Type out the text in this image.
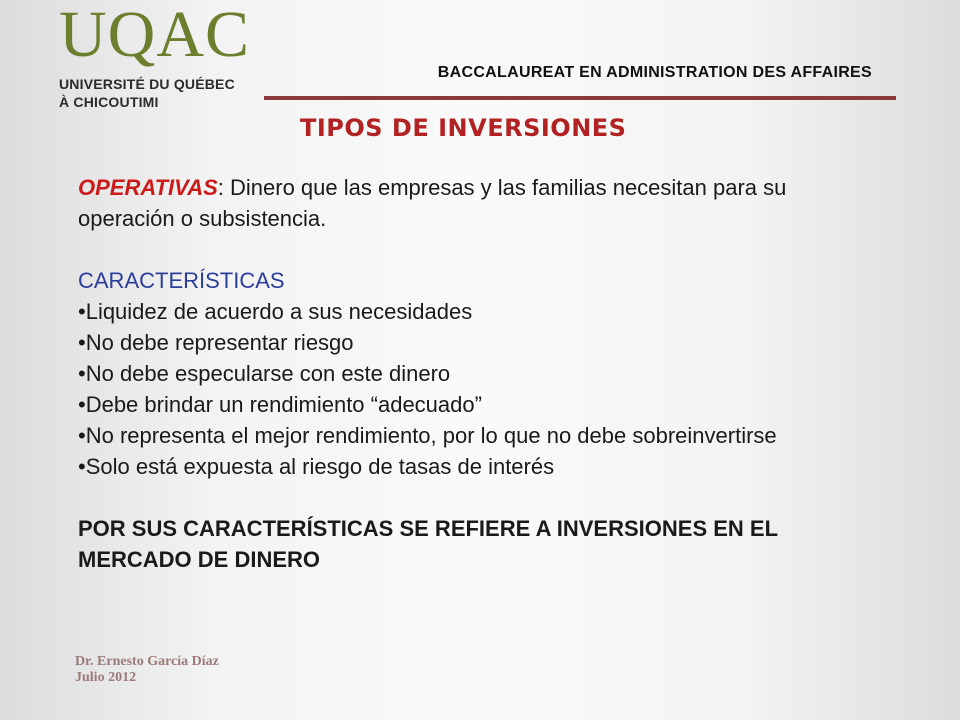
UQAC
UNIVERSITÉ DU QUÉBEC
À CHICOUTIMI
BACCALAUREAT EN ADMINISTRATION DES AFFAIRES
TIPOS DE INVERSIONES

OPERATIVAS: Dinero que las empresas y las familias necesitan para su operación o subsistencia.

CARACTERÍSTICAS

•Liquidez de acuerdo a sus necesidades

•No debe representar riesgo

•No debe especularse con este dinero

•Debe brindar un rendimiento “adecuado”

•No representa el mejor rendimiento, por lo que no debe sobreinvertirse

•Solo está expuesta al riesgo de tasas de interés

POR SUS CARACTERÍSTICAS SE REFIERE A INVERSIONES EN EL MERCADO DE DINERO

Dr. Ernesto García Díaz
Julio 2012
